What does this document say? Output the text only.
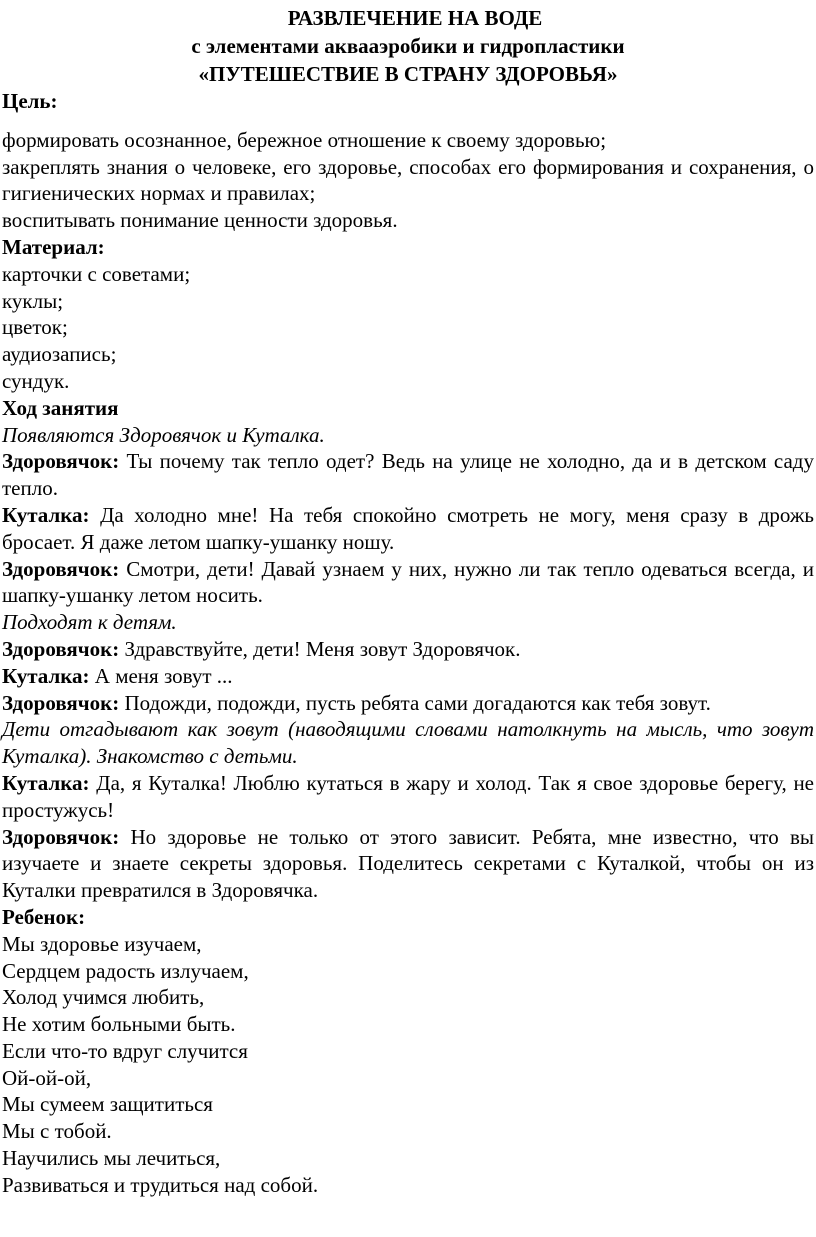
РАЗВЛЕЧЕНИЕ НА ВОДЕ

с элементами аквааэробики и гидропластики

«ПУТЕШЕСТВИЕ В СТРАНУ ЗДОРОВЬЯ»

Цель:

формировать осознанное, бережное отношение к своему здоровью;

закреплять знания о человеке, его здоровье, способах его формирования и сохранения, о гигиенических нормах и правилах;

воспитывать понимание ценности здоровья.

Материал:

карточки с советами;

куклы;

цветок;

аудиозапись;

сундук.

Ход занятия

Появляются Здоровячок и Куталка.

Здоровячок: Ты почему так тепло одет? Ведь на улице не холодно, да и в детском саду тепло.

Куталка: Да холодно мне! На тебя спокойно смотреть не могу, меня сразу в дрожь бросает. Я даже летом шапку-ушанку ношу.

Здоровячок: Смотри, дети! Давай узнаем у них, нужно ли так тепло одеваться всегда, и шапку-ушанку летом носить.

Подходят к детям.

Здоровячок: Здравствуйте, дети! Меня зовут Здоровячок.

Куталка: А меня зовут ...

Здоровячок: Подожди, подожди, пусть ребята сами догадаются как тебя зовут.

Дети отгадывают как зовут (наводящими словами натолкнуть на мысль, что зовут Куталка). Знакомство с детьми.

Куталка: Да, я Куталка! Люблю кутаться в жару и холод. Так я свое здоровье берегу, не простужусь!

Здоровячок: Но здоровье не только от этого зависит. Ребята, мне известно, что вы изучаете и знаете секреты здоровья. Поделитесь секретами с Куталкой, чтобы он из Куталки превратился в Здоровячка.

Ребенок:

Мы здоровье изучаем,

Сердцем радость излучаем,

Холод учимся любить,

Не хотим больными быть.

Если что-то вдруг случится

Ой-ой-ой,

Мы сумеем защититься

Мы с тобой.

Научились мы лечиться,

Развиваться и трудиться над собой.
